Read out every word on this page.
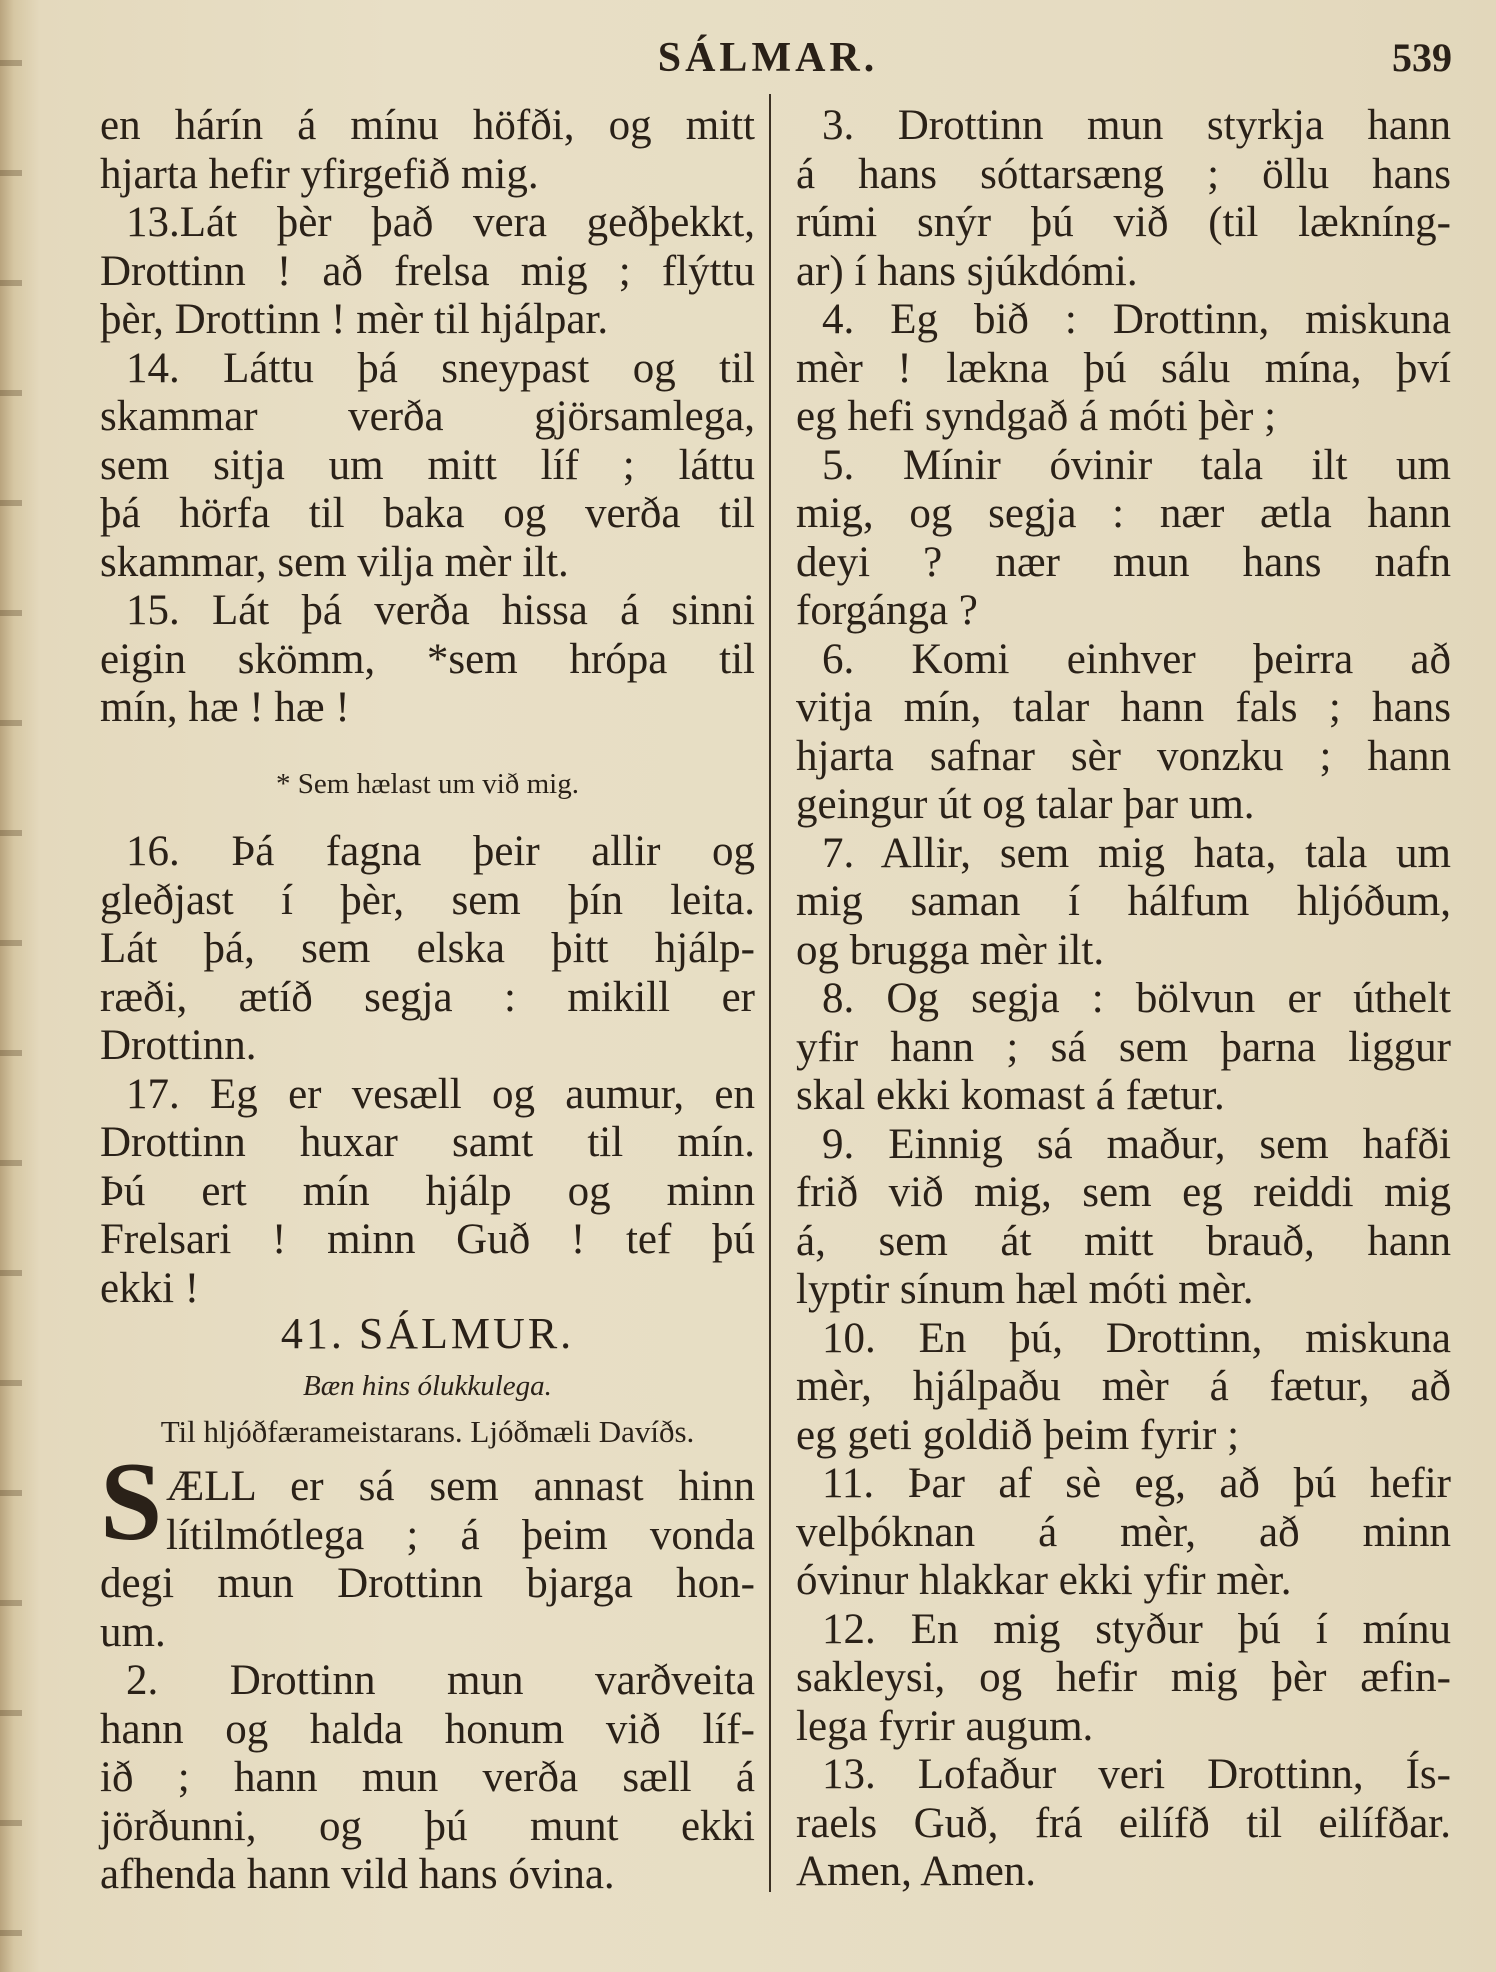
SÁLMAR.	539
en hárín á mínu höfði, og mitt
hjarta hefir yfirgefið mig.
13.Lát þèr það vera geðþekkt,
Drottinn ! að frelsa mig ; flýttu
þèr, Drottinn ! mèr til hjálpar.
14. Láttu þá sneypast og til
skammar verða gjörsamlega,
sem sitja um mitt líf ; láttu
þá hörfa til baka og verða til
skammar, sem vilja mèr ilt.
15. Lát þá verða hissa á sinni
eigin skömm, *sem hrópa til
mín, hæ ! hæ !
* Sem hælast um við mig.
16. Þá fagna þeir allir og
gleðjast í þèr, sem þín leita.
Lát þá, sem elska þitt hjálp-
ræði, ætíð segja : mikill er
Drottinn.
17. Eg er vesæll og aumur, en
Drottinn huxar samt til mín.
Þú ert mín hjálp og minn
Frelsari ! minn Guð ! tef þú
ekki !
41. SÁLMUR.
Bæn hins ólukkulega.
Til hljóðfærameistarans. Ljóðmæli Davíðs.
S ÆLL er sá sem annast hinn
lítilmótlega ; á þeim vonda
degi mun Drottinn bjarga hon-
um.
2. Drottinn mun varðveita
hann og halda honum við líf-
ið ; hann mun verða sæll á
jörðunni, og þú munt ekki
afhenda hann vild hans óvina.
3. Drottinn mun styrkja hann
á hans sóttarsæng ; öllu hans
rúmi snýr þú við (til lækníng-
ar) í hans sjúkdómi.
4. Eg bið : Drottinn, miskuna
mèr ! lækna þú sálu mína, því
eg hefi syndgað á móti þèr ;
5. Mínir óvinir tala ilt um
mig, og segja : nær ætla hann
deyi ? nær mun hans nafn
forgánga ?
6. Komi einhver þeirra að
vitja mín, talar hann fals ; hans
hjarta safnar sèr vonzku ; hann
geingur út og talar þar um.
7. Allir, sem mig hata, tala um
mig saman í hálfum hljóðum,
og brugga mèr ilt.
8. Og segja : bölvun er úthelt
yfir hann ; sá sem þarna liggur
skal ekki komast á fætur.
9. Einnig sá maður, sem hafði
frið við mig, sem eg reiddi mig
á, sem át mitt brauð, hann
lyptir sínum hæl móti mèr.
10. En þú, Drottinn, miskuna
mèr, hjálpaðu mèr á fætur, að
eg geti goldið þeim fyrir ;
11. Þar af sè eg, að þú hefir
velþóknan á mèr, að minn
óvinur hlakkar ekki yfir mèr.
12. En mig styður þú í mínu
sakleysi, og hefir mig þèr æfin-
lega fyrir augum.
13. Lofaður veri Drottinn, Ís-
raels Guð, frá eilífð til eilífðar.
Amen, Amen.
